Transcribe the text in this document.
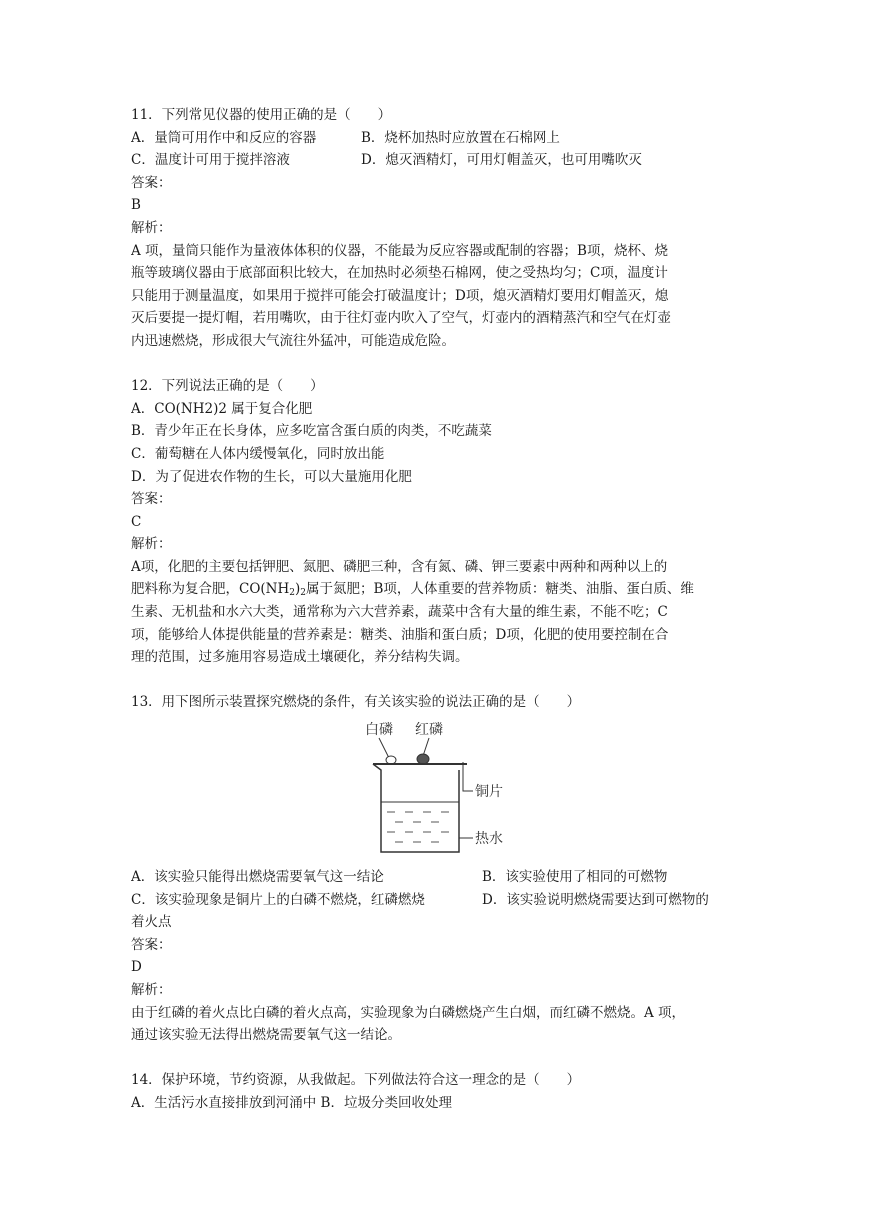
11．下列常见仪器的使用正确的是（　　）
A．量筒可用作中和反应的容器	B．烧杯加热时应放置在石棉网上
C．温度计可用于搅拌溶液	D．熄灭酒精灯，可用灯帽盖灭，也可用嘴吹灭
答案：
B
解析：
A 项，量筒只能作为量液体体积的仪器，不能最为反应容器或配制的容器；B项，烧杯、烧
瓶等玻璃仪器由于底部面积比较大，在加热时必须垫石棉网，使之受热均匀；C项，温度计
只能用于测量温度，如果用于搅拌可能会打破温度计；D项，熄灭酒精灯要用灯帽盖灭，熄
灭后要提一提灯帽，若用嘴吹，由于往灯壶内吹入了空气，灯壶内的酒精蒸汽和空气在灯壶
内迅速燃烧，形成很大气流往外猛冲，可能造成危险。
12．下列说法正确的是（　　）
A．CO(NH2)2 属于复合化肥
B．青少年正在长身体，应多吃富含蛋白质的肉类，不吃蔬菜
C．葡萄糖在人体内缓慢氧化，同时放出能
D．为了促进农作物的生长，可以大量施用化肥
答案：
C
解析：
A项，化肥的主要包括钾肥、氮肥、磷肥三种，含有氮、磷、钾三要素中两种和两种以上的
肥料称为复合肥，$CO(NH_2)_2$属于氮肥；B项，人体重要的营养物质：糖类、油脂、蛋白质、维
生素、无机盐和水六大类，通常称为六大营养素，蔬菜中含有大量的维生素，不能不吃；C
项，能够给人体提供能量的营养素是：糖类、油脂和蛋白质；D项，化肥的使用要控制在合
理的范围，过多施用容易造成土壤硬化，养分结构失调。
13．用下图所示装置探究燃烧的条件，有关该实验的说法正确的是（　　）
白磷 红磷
铜片
热水
A．该实验只能得出燃烧需要氧气这一结论	B．该实验使用了相同的可燃物
C．该实验现象是铜片上的白磷不燃烧，红磷燃烧	D．该实验说明燃烧需要达到可燃物的
着火点
答案：
D
解析：
由于红磷的着火点比白磷的着火点高，实验现象为白磷燃烧产生白烟，而红磷不燃烧。A 项，
通过该实验无法得出燃烧需要氧气这一结论。
14．保护环境，节约资源，从我做起。下列做法符合这一理念的是（　　）
A．生活污水直接排放到河涌中 B．垃圾分类回收处理
